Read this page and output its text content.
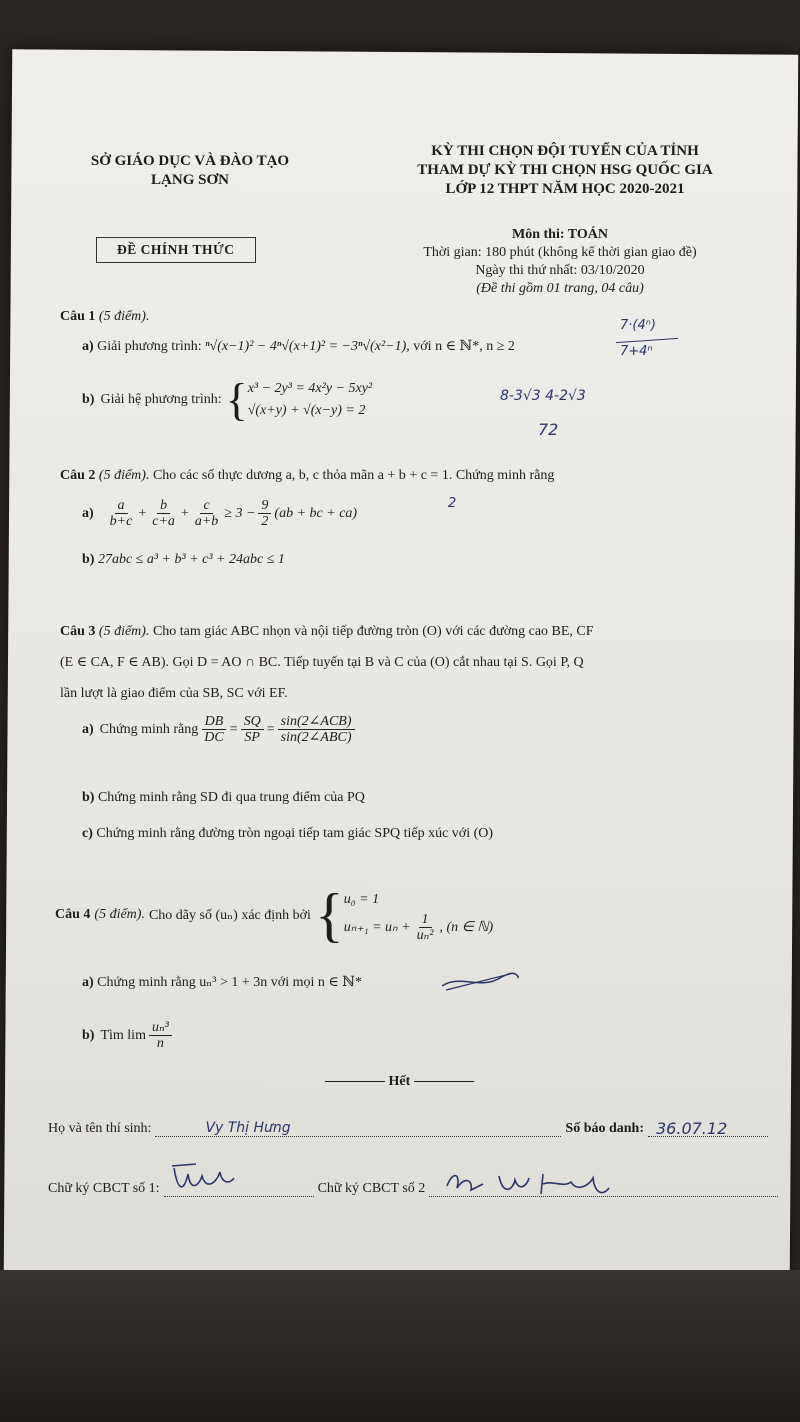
SỞ GIÁO DỤC VÀ ĐÀO TẠO
LẠNG SƠN
KỲ THI CHỌN ĐỘI TUYỂN CỦA TỈNH
THAM DỰ KỲ THI CHỌN HSG QUỐC GIA
LỚP 12 THPT NĂM HỌC 2020-2021
ĐỀ CHÍNH THỨC
Môn thi: TOÁN
Thời gian: 180 phút (không kể thời gian giao đề)
Ngày thi thứ nhất: 03/10/2020
(Đề thi gồm 01 trang, 04 câu)
Câu 1 (5 điểm).
a) Giải phương trình: ⁿ√(x−1)² − 4ⁿ√(x+1)² = −3ⁿ√(x²−1), với n ∈ ℕ*, n ≥ 2
b) Giải hệ phương trình: { x³ − 2y³ = 4x²y − 5xy²
√(x+y) + √(x−y) = 2
7·(4ⁿ)
7+4ⁿ
8-3√3 4-2√3
72
Câu 2 (5 điểm). Cho các số thực dương a, b, c thỏa mãn a + b + c = 1. Chứng minh rằng
2
$a) \frac{a}{b+c} + \frac{b}{c+a} + \frac{c}{a+b} \ge 3 - \frac{9}{2} (ab$ + bc + ca)
b) 27abc ≤ a³ + b³ + c³ + 24abc ≤ 1
Câu 3 (5 điểm). Cho tam giác ABC nhọn và nội tiếp đường tròn (O) với các đường cao BE, CF
(E ∈ CA, F ∈ AB). Gọi D = AO ∩ BC. Tiếp tuyến tại B và C của (O) cắt nhau tại S. Gọi P, Q
lần lượt là giao điểm của SB, SC với EF.
a) Chứng minh rằng $\frac{DB}{DC} = \frac{SQ}{SP} = \frac{\text{sin(2∠ACB)}}{\text{sin(2∠ABC)}}$
b) Chứng minh rằng SD đi qua trung điểm của PQ
c) Chứng minh rằng đường tròn ngoại tiếp tam giác SPQ tiếp xúc với (O)
Câu 4 (5 điểm). Cho dãy số (uₙ) xác định bởi { u₀ = 1
$u_{n+1} = u_n + \frac{1}{\text{uₙ²}}$ , (n ∈ ℕ)
a) Chứng minh rằng uₙ³ > 1 + 3n với mọi n ∈ ℕ*
b) Tìm $\lim \frac{\text{uₙ³}}{n}$
Hết
Họ và tên thí sinh:	Vy Thị Hưng	Số báo danh: 36.07.12
Chữ ký CBCT số 1:	Chữ ký CBCT số 2
